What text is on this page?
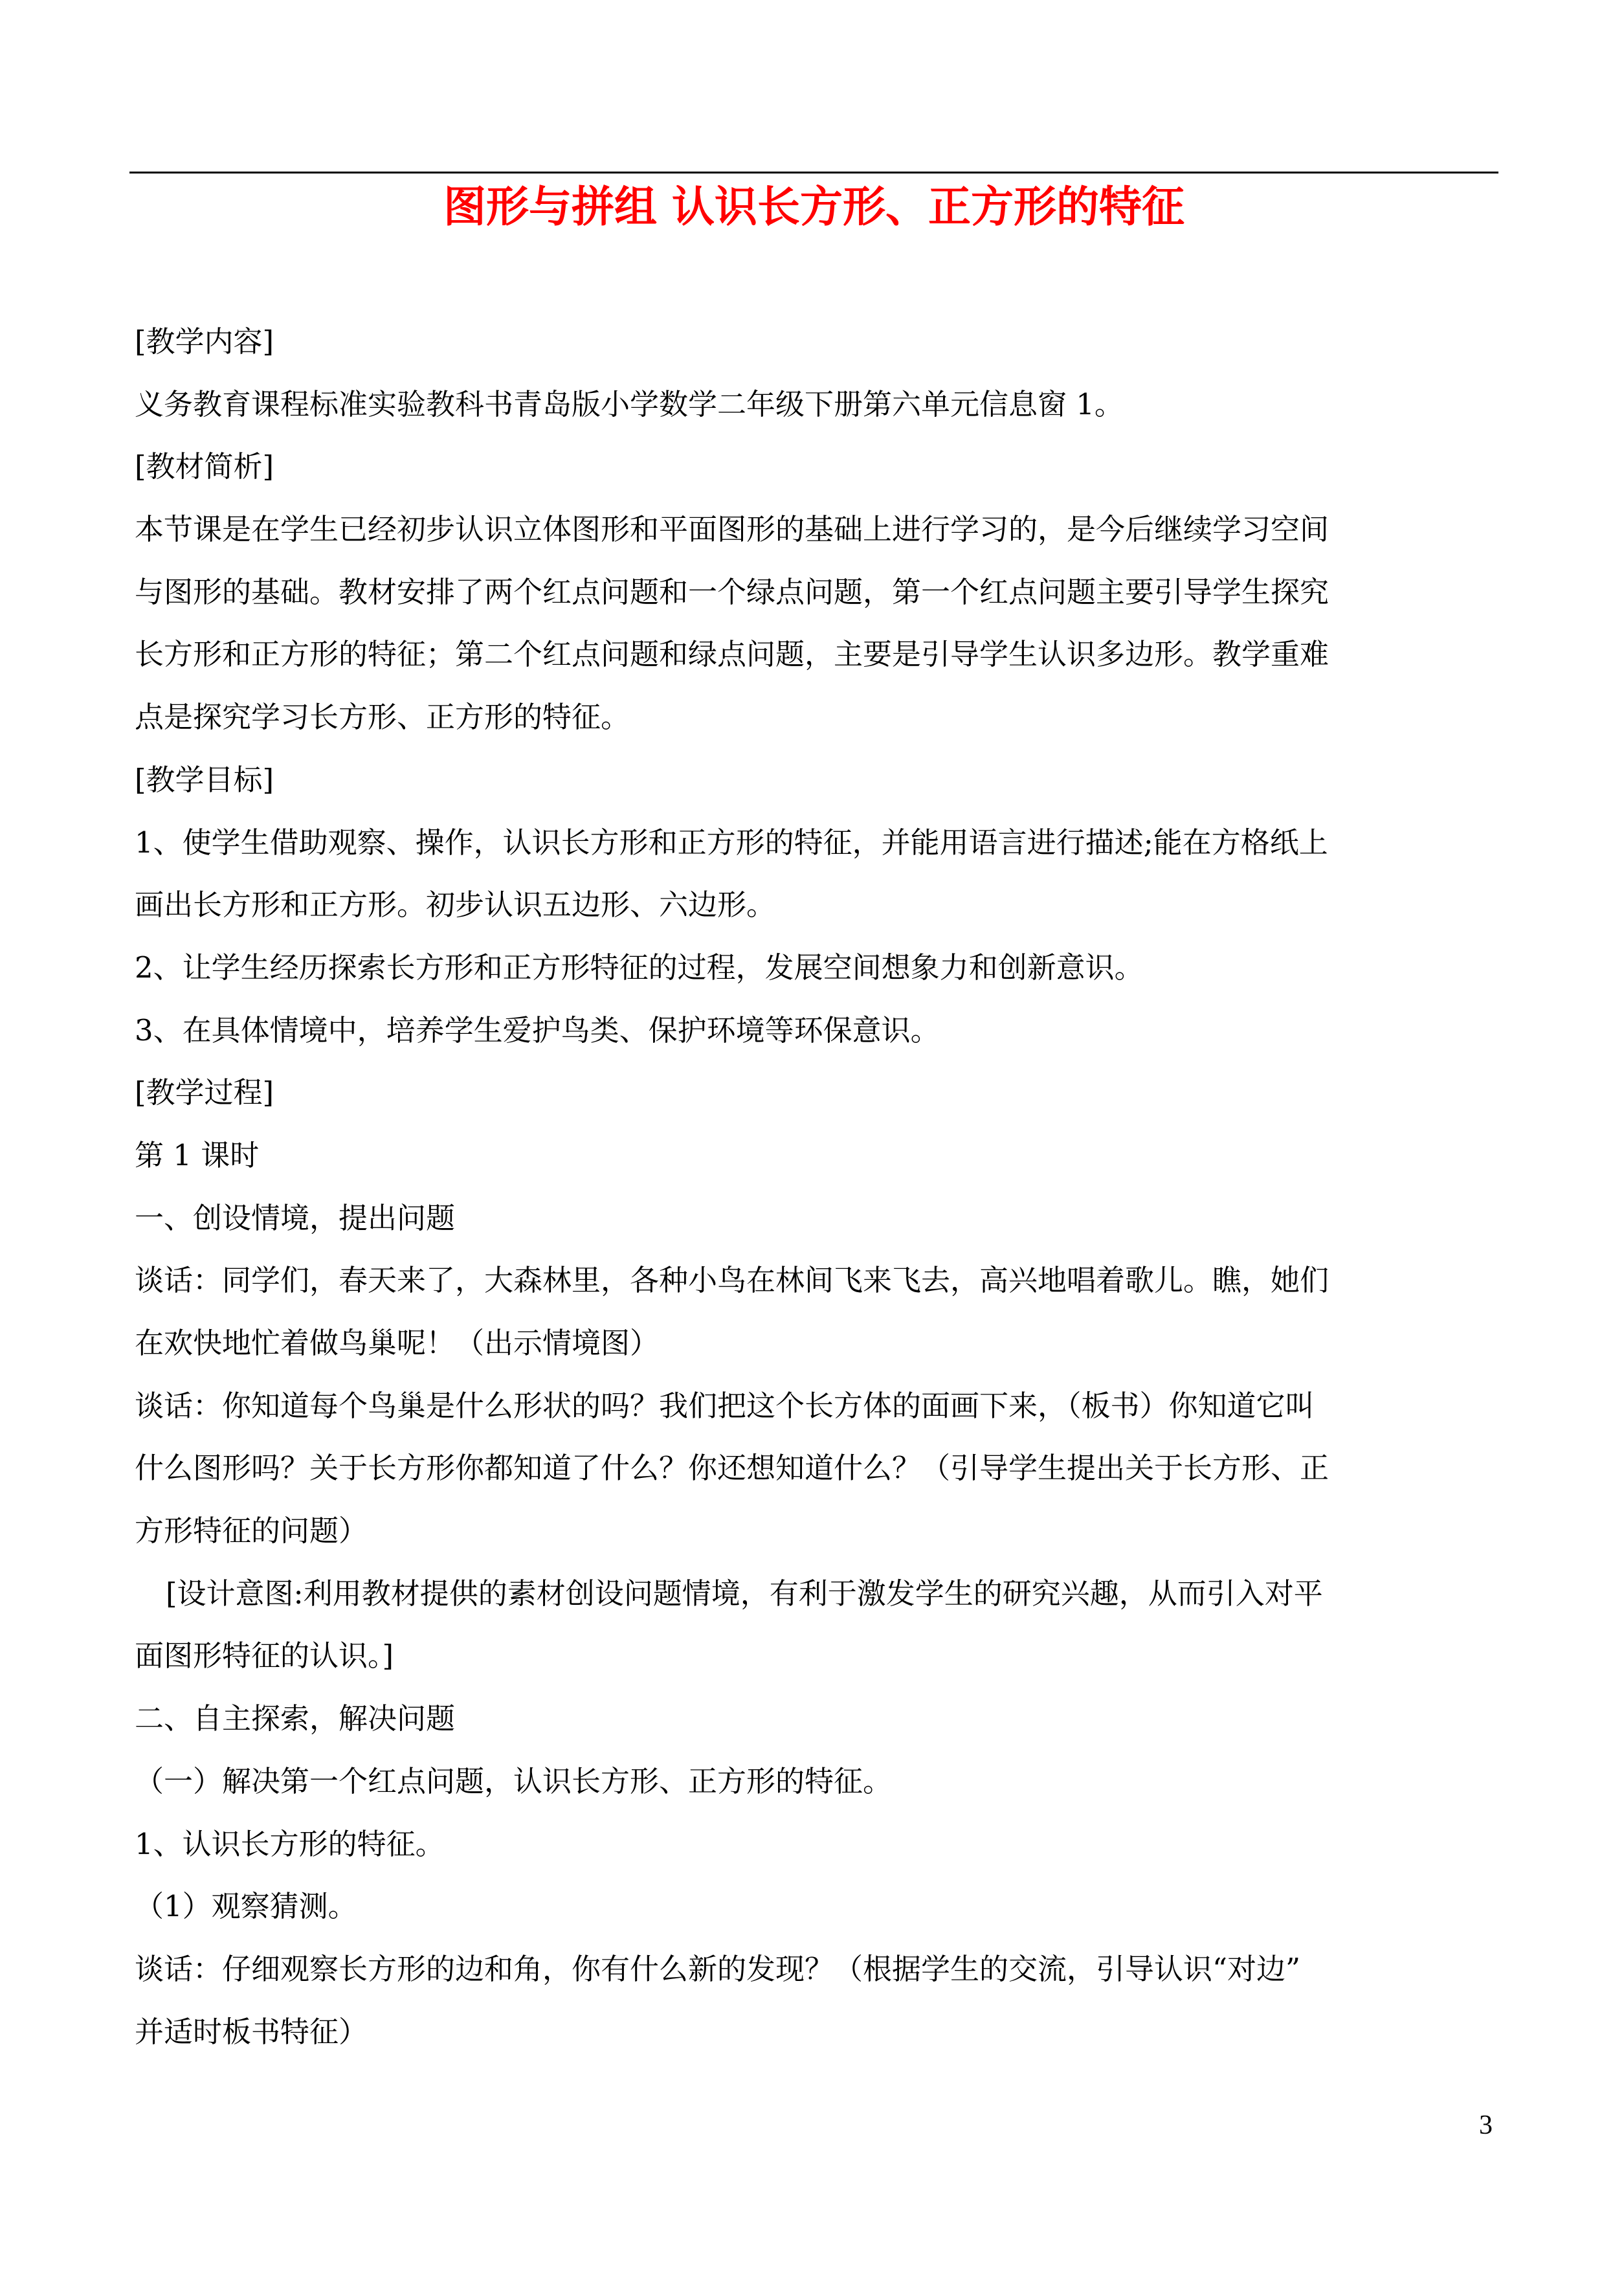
图形与拼组 认识长方形、正方形的特征
[教学内容]
义务教育课程标准实验教科书青岛版小学数学二年级下册第六单元信息窗 1。
[教材简析]
本节课是在学生已经初步认识立体图形和平面图形的基础上进行学习的，是今后继续学习空间
与图形的基础。教材安排了两个红点问题和一个绿点问题，第一个红点问题主要引导学生探究
长方形和正方形的特征；第二个红点问题和绿点问题，主要是引导学生认识多边形。教学重难
点是探究学习长方形、正方形的特征。
[教学目标]
1、使学生借助观察、操作，认识长方形和正方形的特征，并能用语言进行描述;能在方格纸上
画出长方形和正方形。初步认识五边形、六边形。
2、让学生经历探索长方形和正方形特征的过程，发展空间想象力和创新意识。
3、在具体情境中，培养学生爱护鸟类、保护环境等环保意识。
[教学过程]
第 1 课时
一、创设情境，提出问题
谈话：同学们，春天来了，大森林里，各种小鸟在林间飞来飞去，高兴地唱着歌儿。瞧，她们
在欢快地忙着做鸟巢呢！（出示情境图）
谈话：你知道每个鸟巢是什么形状的吗？我们把这个长方体的面画下来，（板书）你知道它叫
什么图形吗？关于长方形你都知道了什么？你还想知道什么？（引导学生提出关于长方形、正
方形特征的问题）
[设计意图:利用教材提供的素材创设问题情境，有利于激发学生的研究兴趣，从而引入对平
面图形特征的认识。]
二、自主探索，解决问题
（一）解决第一个红点问题，认识长方形、正方形的特征。
1、认识长方形的特征。
（1）观察猜测。
谈话：仔细观察长方形的边和角，你有什么新的发现？（根据学生的交流，引导认识“对边”
并适时板书特征）
3
